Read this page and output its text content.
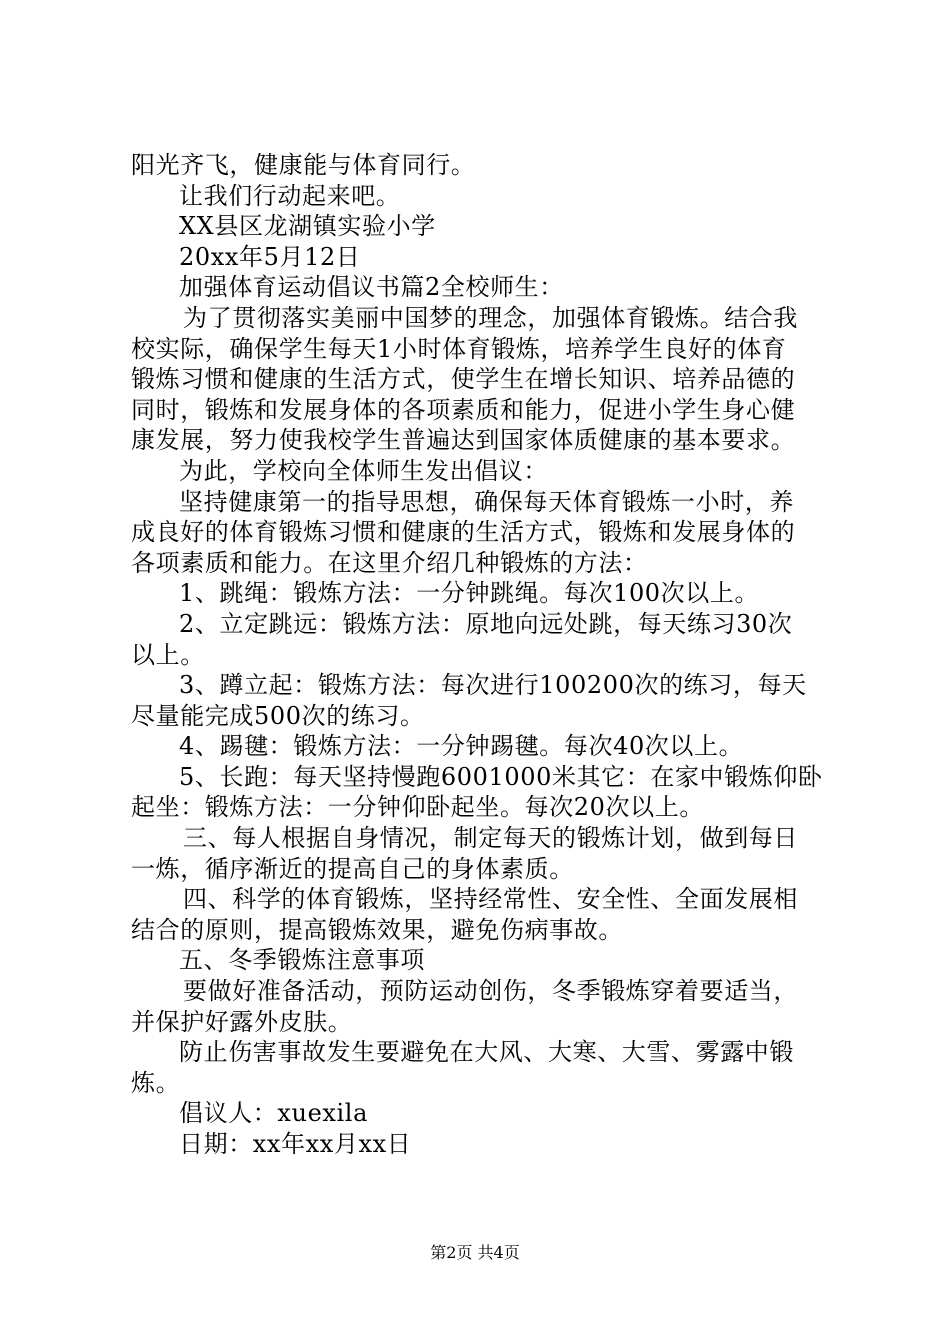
阳光齐飞，健康能与体育同行。
让我们行动起来吧。
XX县区龙湖镇实验小学
20xx年5月12日
加强体育运动倡议书篇2全校师生：
为了贯彻落实美丽中国梦的理念，加强体育锻炼。结合我
校实际，确保学生每天1小时体育锻炼，培养学生良好的体育
锻炼习惯和健康的生活方式，使学生在增长知识、培养品德的
同时，锻炼和发展身体的各项素质和能力，促进小学生身心健
康发展，努力使我校学生普遍达到国家体质健康的基本要求。
为此，学校向全体师生发出倡议：
坚持健康第一的指导思想，确保每天体育锻炼一小时，养
成良好的体育锻炼习惯和健康的生活方式，锻炼和发展身体的
各项素质和能力。在这里介绍几种锻炼的方法：
1、跳绳：锻炼方法：一分钟跳绳。每次100次以上。
2、立定跳远：锻炼方法：原地向远处跳，每天练习30次
以上。
3、蹲立起：锻炼方法：每次进行100200次的练习，每天
尽量能完成500次的练习。
4、踢毽：锻炼方法：一分钟踢毽。每次40次以上。
5、长跑：每天坚持慢跑6001000米其它：在家中锻炼仰卧
起坐：锻炼方法：一分钟仰卧起坐。每次20次以上。
三、每人根据自身情况，制定每天的锻炼计划，做到每日
一炼，循序渐近的提高自己的身体素质。
四、科学的体育锻炼，坚持经常性、安全性、全面发展相
结合的原则，提高锻炼效果，避免伤病事故。
五、冬季锻炼注意事项
要做好准备活动，预防运动创伤，冬季锻炼穿着要适当，
并保护好露外皮肤。
防止伤害事故发生要避免在大风、大寒、大雪、雾露中锻
炼。
倡议人：xuexila
日期：xx年xx月xx日
第2页 共4页
